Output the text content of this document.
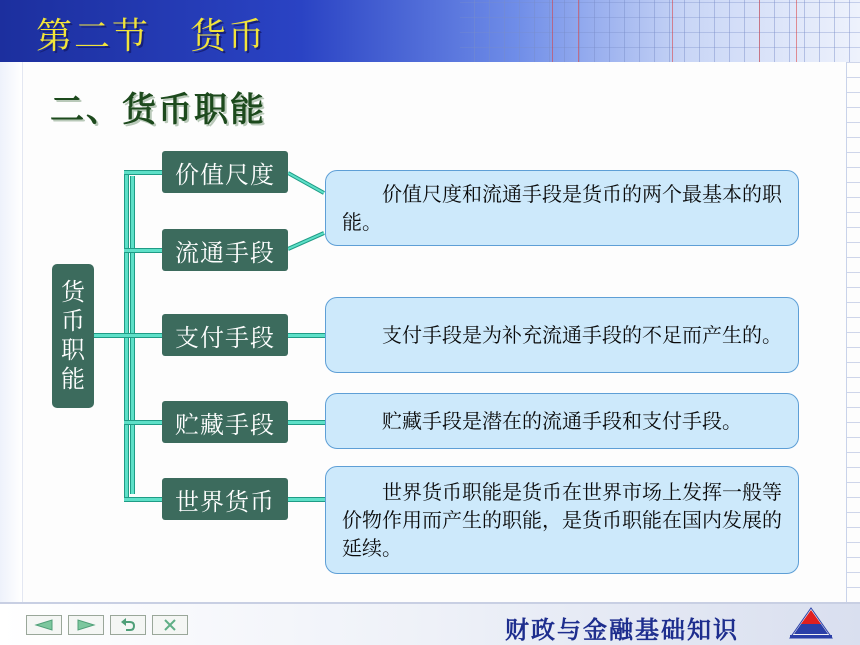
第二节 货币
二、货币职能
货
币
职
能
价值尺度
流通手段
支付手段
贮藏手段
世界货币
价值尺度和流通手段是货币的两个最基本的职能。
支付手段是为补充流通手段的不足而产生的。
贮藏手段是潜在的流通手段和支付手段。
世界货币职能是货币在世界市场上发挥一般等价物作用而产生的职能，是货币职能在国内发展的延续。
财政与金融基础知识
